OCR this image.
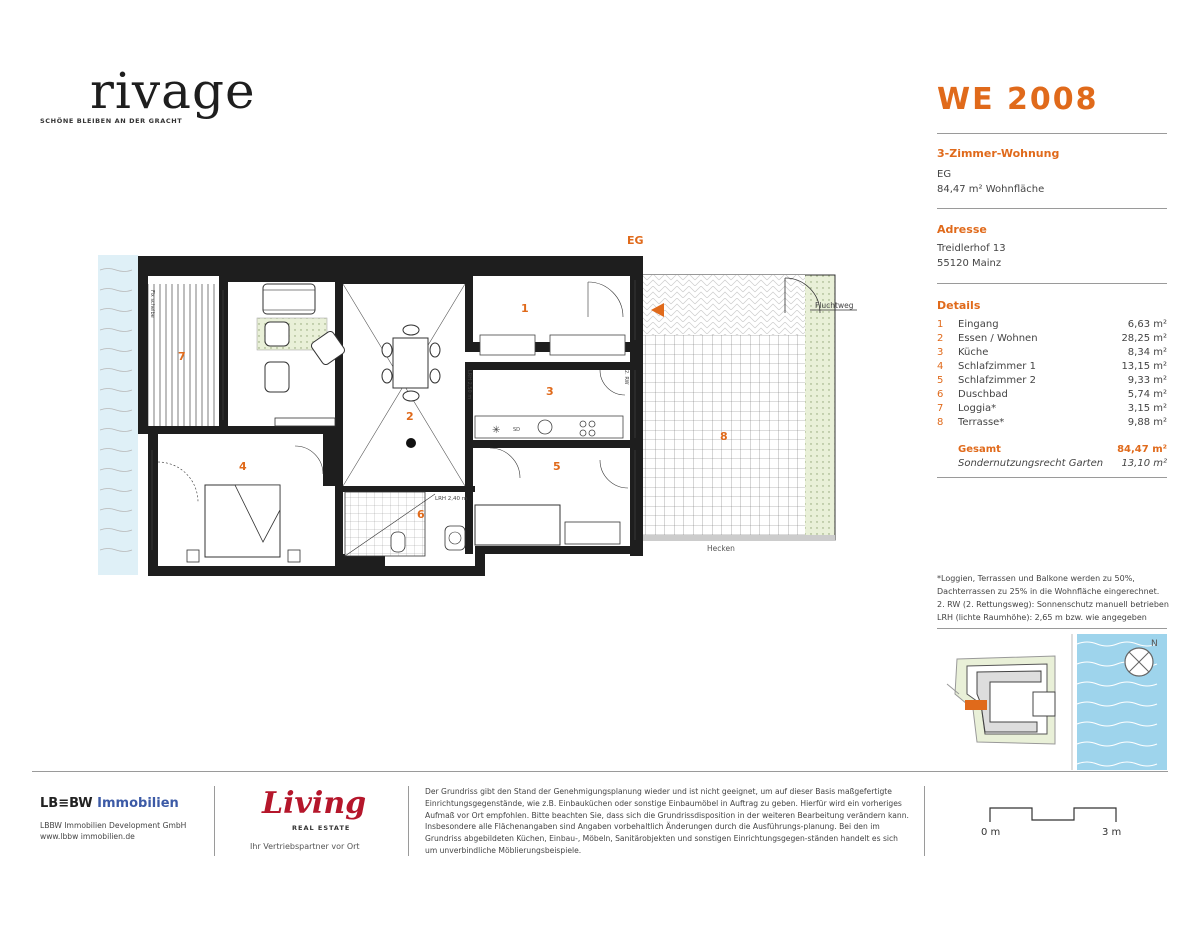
rivage
SCHÖNE BLEIBEN AN DER GRACHT
WE 2008
3-Zimmer-Wohnung
EG
84,47 m² Wohnfläche
Adresse
Treidlerhof 13
55120 Mainz
Details
1 Eingang	6,63 m²
2 Essen / Wohnen	28,25 m²
3 Küche	8,34 m²
4 Schlafzimmer 1	13,15 m²
5 Schlafzimmer 2	9,33 m²
6 Duschbad	5,74 m²
7 Loggia*	3,15 m²
8 Terrasse*	9,88 m²
Gesamt	84,47 m²
Sondernutzungsrecht Garten 13,10 m²
*Loggien, Terrassen und Balkone werden zu 50%,
Dachterrassen zu 25% in die Wohnfläche eingerechnet.
2. RW (2. Rettungsweg): Sonnenschutz manuell betrieben
LRH (lichte Raumhöhe): 2,65 m bzw. wie angegeben
N
EG
Fluchtweg
Hecken
Fix scheibe
✳	SD
LRH 2,50 m
LRH 2,40 m
2. RW
1
2
3
4	5
6
7
8
LB≡BW Immobilien
LBBW Immobilien Development GmbH
www.lbbw immobilien.de
Living
REAL ESTATE
Ihr Vertriebspartner vor Ort
Der Grundriss gibt den Stand der Genehmigungsplanung wieder und ist nicht geeignet, um auf dieser Basis maßgefertigte Einrichtungsgegenstände, wie z.B. Einbauküchen oder sonstige Einbaumöbel in Auftrag zu geben. Hierfür wird ein vorheriges Aufmaß vor Ort empfohlen. Bitte beachten Sie, dass sich die Grundrissdisposition in der weiteren Bearbeitung verändern kann. Insbesondere alle Flächenangaben sind Angaben vorbehaltlich Änderungen durch die Ausführungs-planung. Bei den im Grundriss abgebildeten Küchen, Einbau-, Möbeln, Sanitärobjekten und sonstigen Einrichtungsgegen-ständen handelt es sich um unverbindliche Möblierungsbeispiele.
0 m	3 m
